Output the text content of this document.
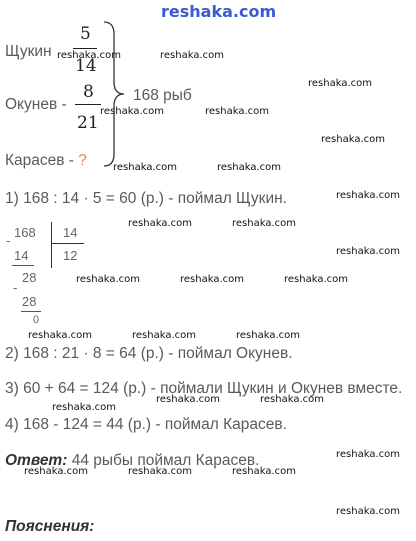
reshaka.com
Щукин
5
14
Окунев -
8
21
Карасев - ?
168 рыб
1) 168 : 14 · 5 = 60 (р.) - поймал Щукин.
-
168 14
12
14
-
28
28
0
2) 168 : 21 · 8 = 64 (р.) - поймал Окунев.
3) 60 + 64 = 124 (р.) - поймали Щукин и Окунев вместе.
4) 168 - 124 = 44 (р.) - поймал Карасев.
Ответ: 44 рыбы поймал Карасев.
Пояснения:
reshaka.com	reshaka.com
reshaka.com
reshaka.com	reshaka.com
reshaka.com
reshaka.com	reshaka.com
reshaka.com
reshaka.com	reshaka.com
reshaka.com
reshaka.com	reshaka.com	reshaka.com
reshaka.com	reshaka.com	reshaka.com
reshaka.com	reshaka.com
reshaka.com
reshaka.com
reshaka.com	reshaka.com	reshaka.com
reshaka.com
